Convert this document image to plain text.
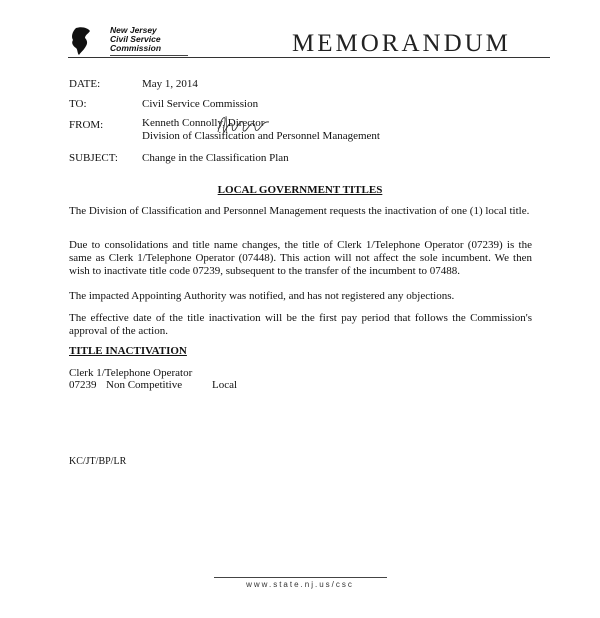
New Jersey
Civil Service
Commission	MEMORANDUM
DATE:	May 1, 2014
TO:	Civil Service Commission
FROM:	Kenneth Connolly, Director
Division of Classification and Personnel Management
SUBJECT: Change in the Classification Plan
LOCAL GOVERNMENT TITLES
The Division of Classification and Personnel Management requests the inactivation of one (1) local title.
Due to consolidations and title name changes, the title of Clerk 1/Telephone Operator (07239) is the same as Clerk 1/Telephone Operator (07448). This action will not affect the sole incumbent. We then wish to inactivate title code 07239, subsequent to the transfer of the incumbent to 07488.
The impacted Appointing Authority was notified, and has not registered any objections.
The effective date of the title inactivation will be the first pay period that follows the Commission's approval of the action.
TITLE INACTIVATION
Clerk 1/Telephone Operator
07239 Non Competitive	Local
KC/JT/BP/LR
www.state.nj.us/csc
